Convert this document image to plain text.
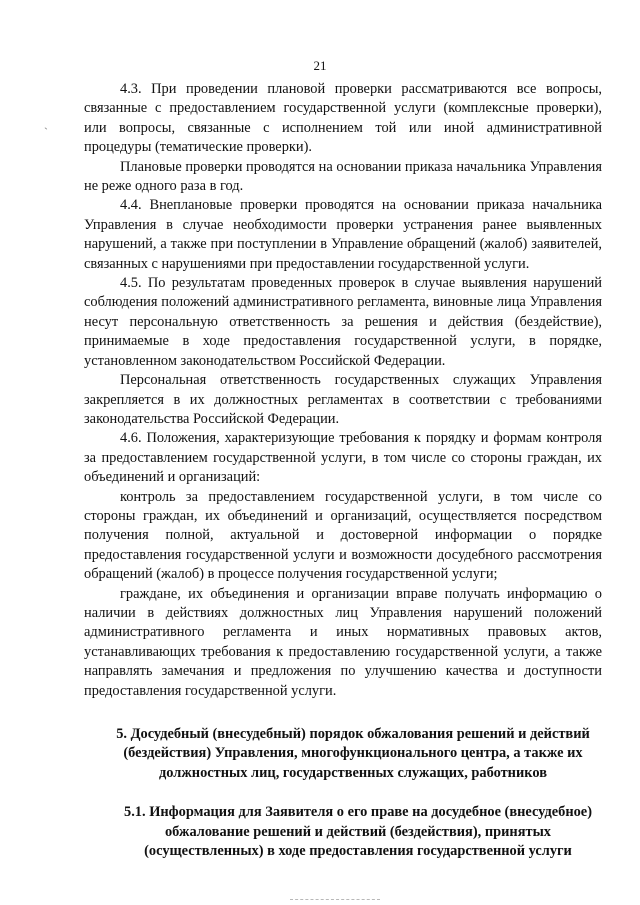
21
`

4.3. При проведении плановой проверки рассматриваются все вопросы, связанные с предоставлением государственной услуги (комплексные проверки), или вопросы, связанные с исполнением той или иной административной процедуры (тематические проверки).

Плановые проверки проводятся на основании приказа начальника Управления не реже одного раза в год.

4.4. Внеплановые проверки проводятся на основании приказа начальника Управления в случае необходимости проверки устранения ранее выявленных нарушений, а также при поступлении в Управление обращений (жалоб) заявителей, связанных с нарушениями при предоставлении государственной услуги.

4.5. По результатам проведенных проверок в случае выявления нарушений соблюдения положений административного регламента, виновные лица Управления несут персональную ответственность за решения и действия (бездействие), принимаемые в ходе предоставления государственной услуги, в порядке, установленном законодательством Российской Федерации.

Персональная ответственность государственных служащих Управления закрепляется в их должностных регламентах в соответствии с требованиями законодательства Российской Федерации.

4.6. Положения, характеризующие требования к порядку и формам контроля за предоставлением государственной услуги, в том числе со стороны граждан, их объединений и организаций:

контроль за предоставлением государственной услуги, в том числе со стороны граждан, их объединений и организаций, осуществляется посредством получения полной, актуальной и достоверной информации о порядке предоставления государственной услуги и возможности досудебного рассмотрения обращений (жалоб) в процессе получения государственной услуги;

граждане, их объединения и организации вправе получать информацию о наличии в действиях должностных лиц Управления нарушений положений административного регламента и иных нормативных правовых актов, устанавливающих требования к предоставлению государственной услуги, а также направлять замечания и предложения по улучшению качества и доступности предоставления государственной услуги.

5. Досудебный (внесудебный) порядок обжалования решений и действий (бездействия) Управления, многофункционального центра, а также их должностных лиц, государственных служащих, работников

5.1. Информация для Заявителя о его праве на досудебное (внесудебное) обжалование решений и действий (бездействия), принятых (осуществленных) в ходе предоставления государственной услуги
